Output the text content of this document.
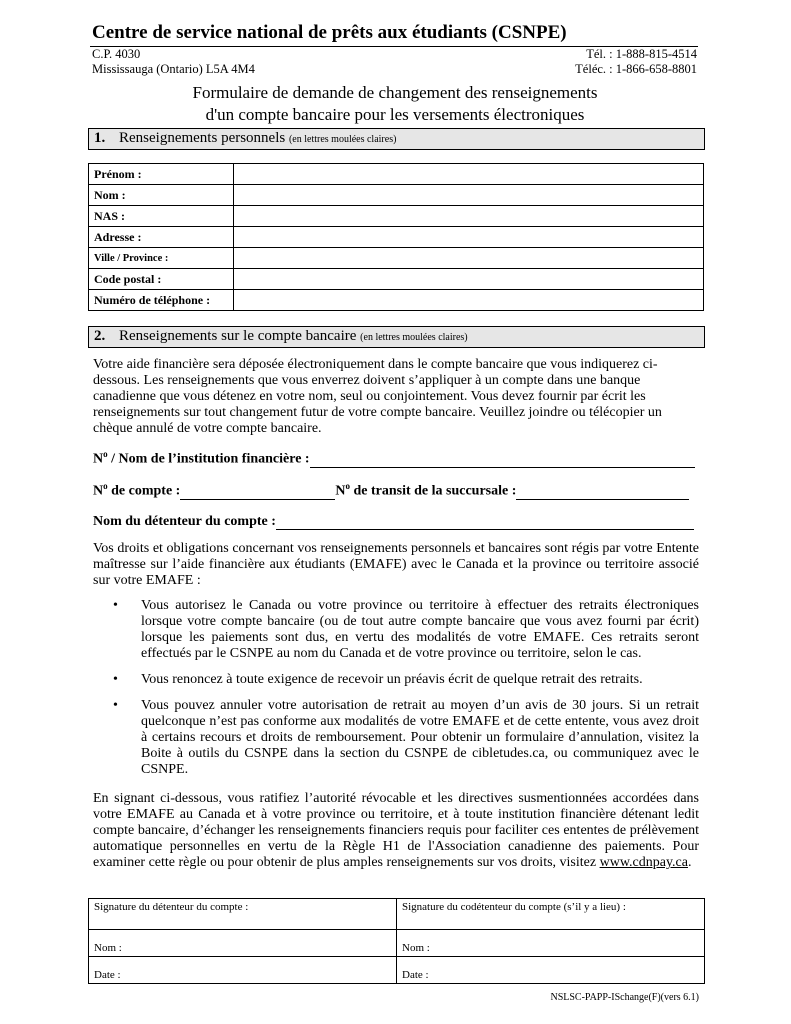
Centre de service national de prêts aux étudiants (CSNPE)
C.P. 4030
Mississauga (Ontario) L5A 4M4
Tél. : 1-888-815-4514
Téléc. : 1-866-658-8801
Formulaire de demande de changement des renseignements
d'un compte bancaire pour les versements électroniques
1. Renseignements personnels (en lettres moulées claires)
Prénom :	
Nom :	
NAS :	
Adresse :	
Ville / Province :	
Code postal :	
Numéro de téléphone :	
2. Renseignements sur le compte bancaire (en lettres moulées claires)
Votre aide financière sera déposée électroniquement dans le compte bancaire que vous indiquerez ci-dessous. Les renseignements que vous enverrez doivent s’appliquer à un compte dans une banque canadienne que vous détenez en votre nom, seul ou conjointement. Vous devez fournir par écrit les renseignements sur tout changement futur de votre compte bancaire. Veuillez joindre ou télécopier un chèque annulé de votre compte bancaire.
$N^o$ / Nom de l’institution financière :
$N^o$ de compte :	$N^o$ de transit de la succursale :
Nom du détenteur du compte :
Vos droits et obligations concernant vos renseignements personnels et bancaires sont régis par votre Entente maîtresse sur l’aide financière aux étudiants (EMAFE) avec le Canada et la province ou territoire associé sur votre EMAFE :
• Vous autorisez le Canada ou votre province ou territoire à effectuer des retraits électroniques lorsque votre compte bancaire (ou de tout autre compte bancaire que vous avez fourni par écrit) lorsque les paiements sont dus, en vertu des modalités de votre EMAFE. Ces retraits seront effectués par le CSNPE au nom du Canada et de votre province ou territoire, selon le cas.
• Vous renoncez à toute exigence de recevoir un préavis écrit de quelque retrait des retraits.
• Vous pouvez annuler votre autorisation de retrait au moyen d’un avis de 30 jours. Si un retrait quelconque n’est pas conforme aux modalités de votre EMAFE et de cette entente, vous avez droit à certains recours et droits de remboursement. Pour obtenir un formulaire d’annulation, visitez la Boite à outils du CSNPE dans la section du CSNPE de cibletudes.ca, ou communiquez avec le CSNPE.
En signant ci-dessous, vous ratifiez l’autorité révocable et les directives susmentionnées accordées dans votre EMAFE au Canada et à votre province ou territoire, et à toute institution financière détenant ledit compte bancaire, d’échanger les renseignements financiers requis pour faciliter ces ententes de prélèvement automatique personnelles en vertu de la Règle H1 de l'Association canadienne des paiements. Pour examiner cette règle ou pour obtenir de plus amples renseignements sur vos droits, visitez www.cdnpay.ca.
Signature du détenteur du compte :	Signature du codétenteur du compte (s’il y a lieu) :
Nom :	Nom :
Date :	Date :
NSLSC-PAPP-ISchange(F)(vers 6.1)
